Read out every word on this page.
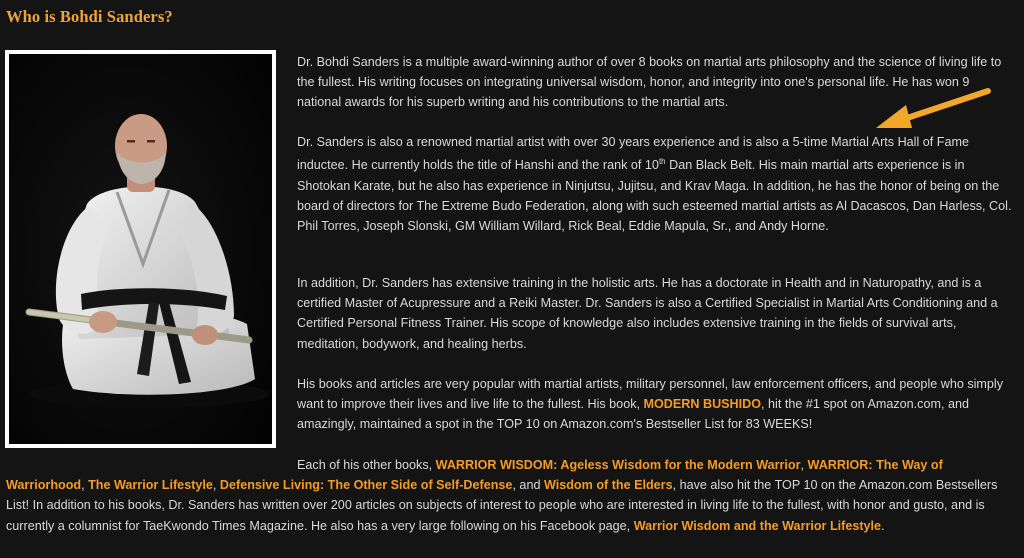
Who is Bohdi Sanders?

Dr. Bohdi Sanders is a multiple award-winning author of over 8 books on martial arts philosophy and the science of living life to the fullest. His writing focuses on integrating universal wisdom, honor, and integrity into one's personal life. He has won 9 national awards for his superb writing and his contributions to the martial arts.

Dr. Sanders is also a renowned martial artist with over 30 years experience and is also a 5-time Martial Arts Hall of Fame inductee. He currently holds the title of Hanshi and the rank of 10th Dan Black Belt. His main martial arts experience is in Shotokan Karate, but he also has experience in Ninjutsu, Jujitsu, and Krav Maga. In addition, he has the honor of being on the board of directors for The Extreme Budo Federation, along with such esteemed martial artists as Al Dacascos, Dan Harless, Col. Phil Torres, Joseph Slonski, GM William Willard, Rick Beal, Eddie Mapula, Sr., and Andy Horne.

In addition, Dr. Sanders has extensive training in the holistic arts. He has a doctorate in Health and in Naturopathy, and is a certified Master of Acupressure and a Reiki Master. Dr. Sanders is also a Certified Specialist in Martial Arts Conditioning and a Certified Personal Fitness Trainer. His scope of knowledge also includes extensive training in the fields of survival arts, meditation, bodywork, and healing herbs.

His books and articles are very popular with martial artists, military personnel, law enforcement officers, and people who simply want to improve their lives and live life to the fullest. His book, MODERN BUSHIDO, hit the #1 spot on Amazon.com, and amazingly, maintained a spot in the TOP 10 on Amazon.com's Bestseller List for 83 WEEKS!

Each of his other books, WARRIOR WISDOM: Ageless Wisdom for the Modern Warrior, WARRIOR: The Way of Warriorhood, The Warrior Lifestyle, Defensive Living: The Other Side of Self-Defense, and Wisdom of the Elders, have also hit the TOP 10 on the Amazon.com Bestsellers List! In addition to his books, Dr. Sanders has written over 200 articles on subjects of interest to people who are interested in living life to the fullest, with honor and gusto, and is currently a columnist for TaeKwondo Times Magazine. He also has a very large following on his Facebook page, Warrior Wisdom and the Warrior Lifestyle.
